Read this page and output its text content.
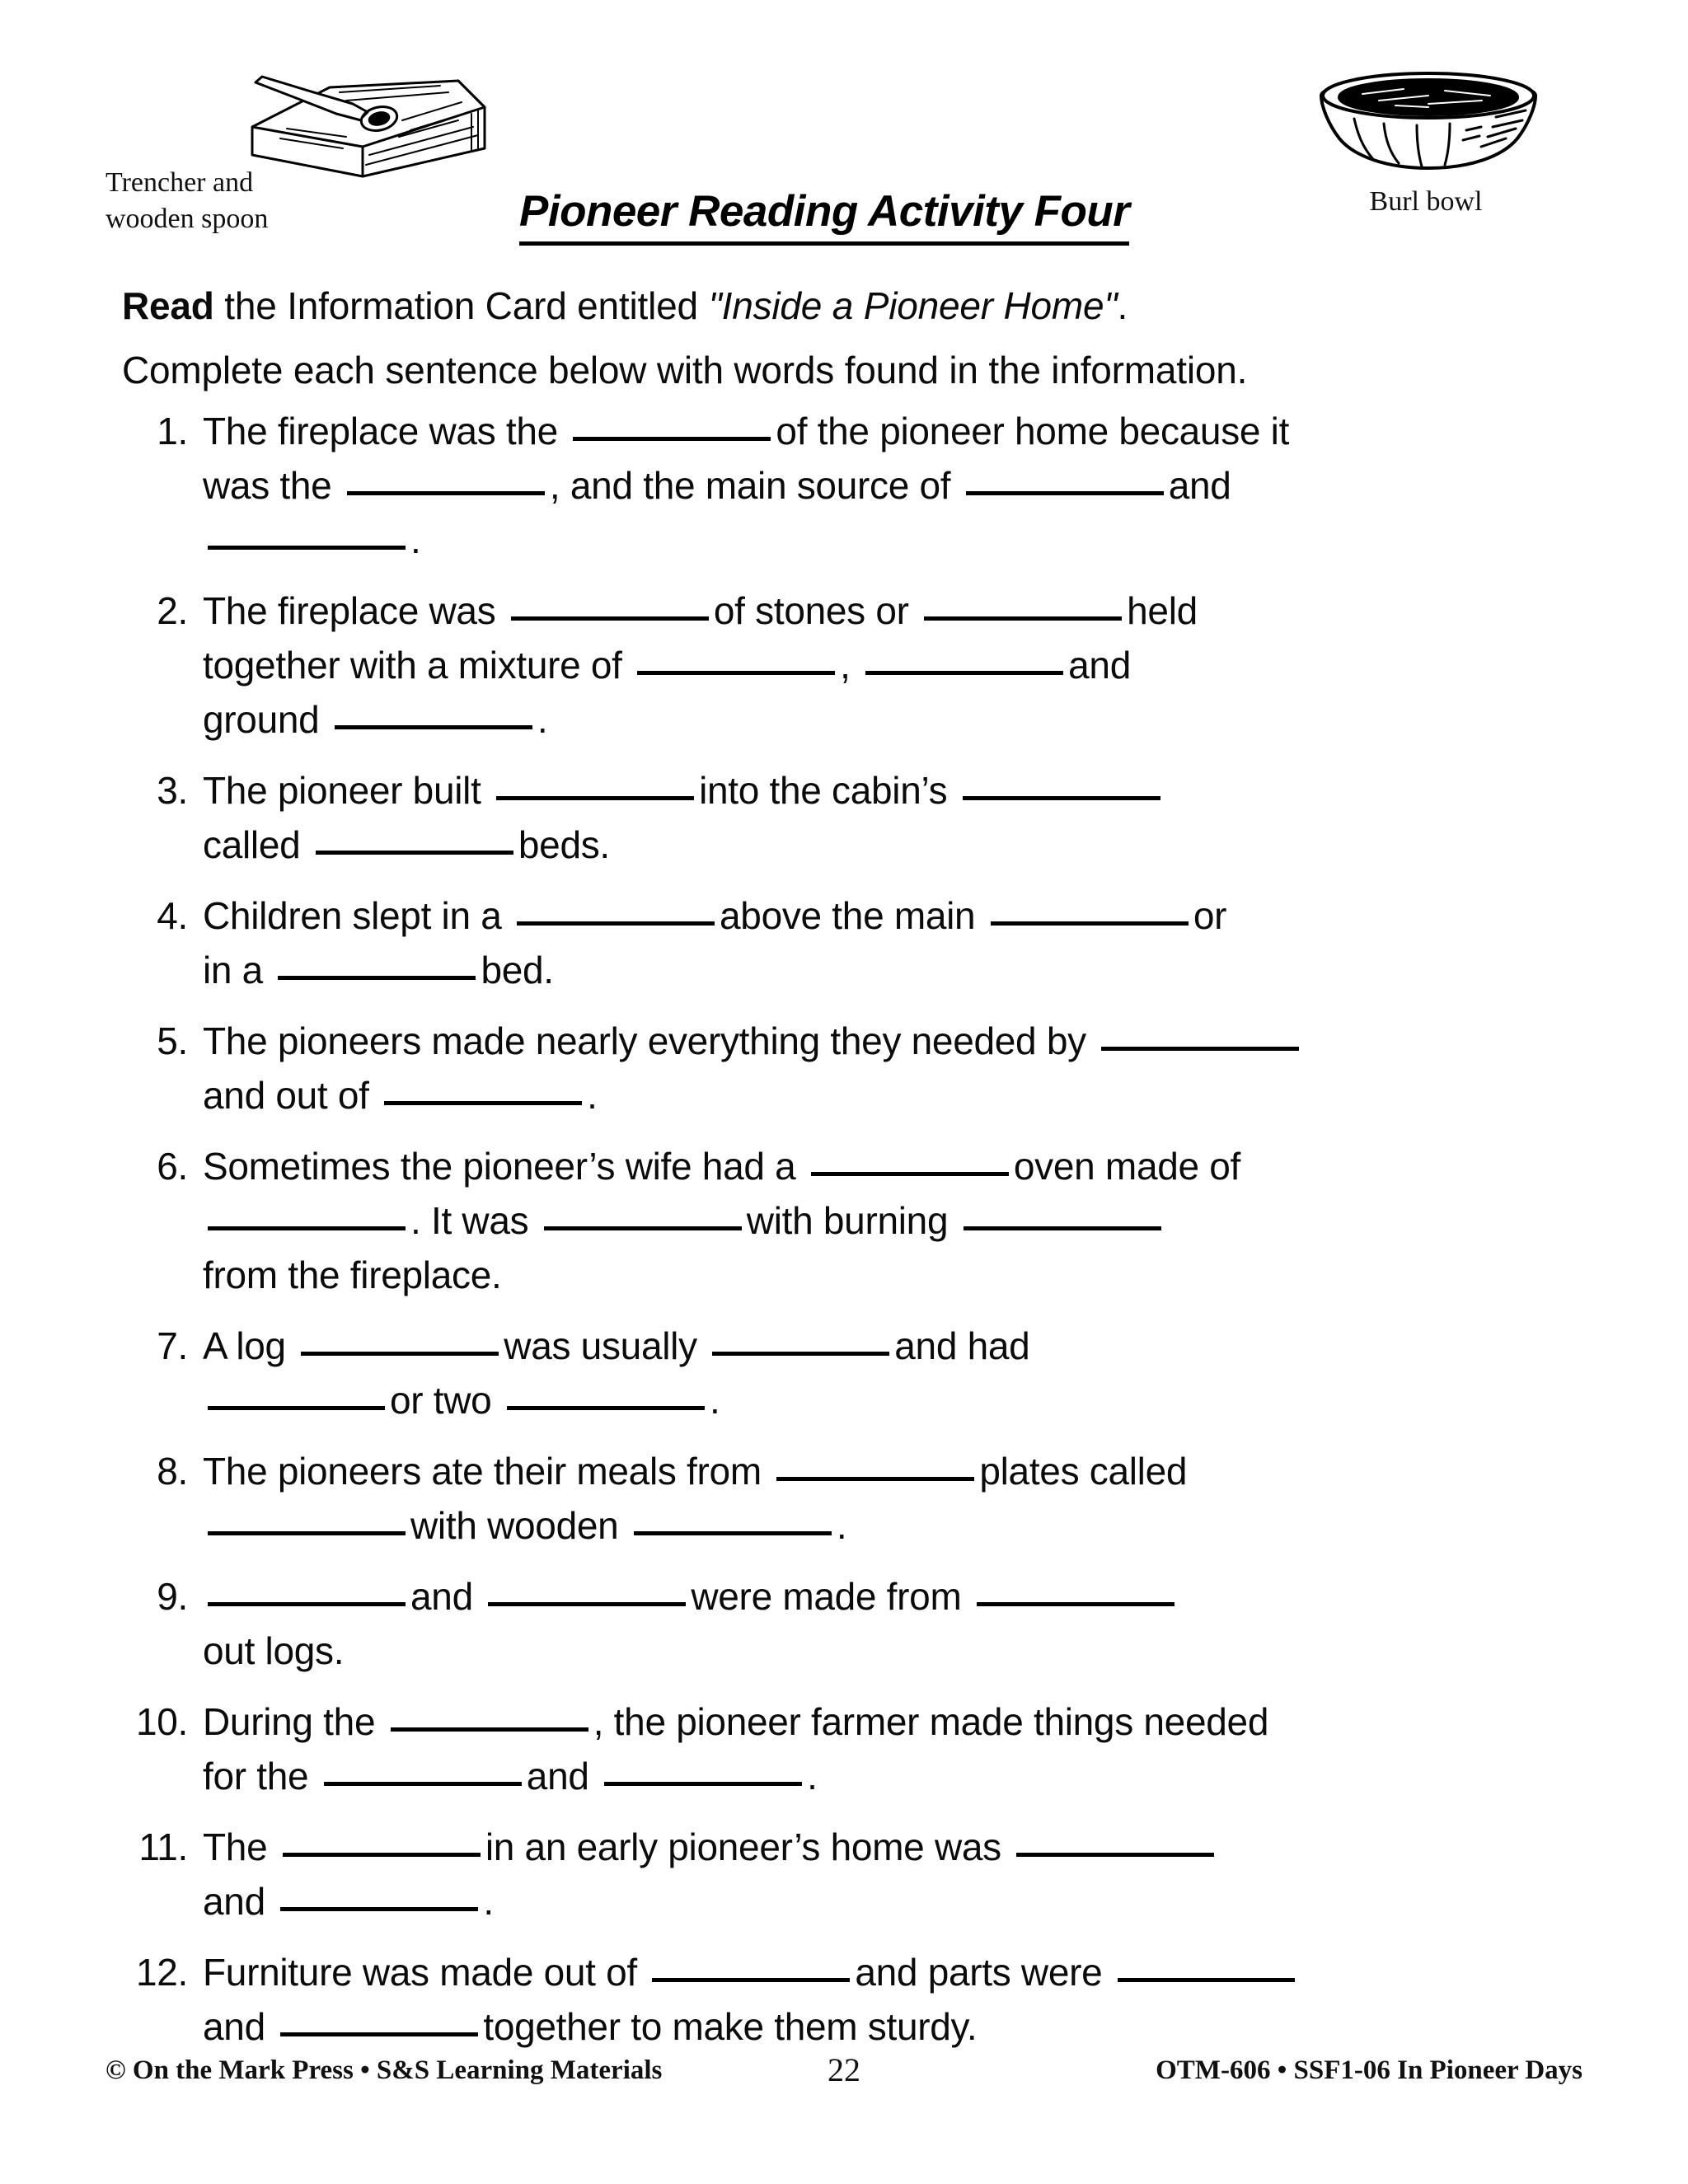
Trencher and
wooden spoon	Pioneer Reading Activity Four	Burl bowl
Read the Information Card entitled "Inside a Pioneer Home".
Complete each sentence below with words found in the information.
1. The fireplace was the	of the pioneer home because it
was the	, and the main source of	and
.
2. The fireplace was	of stones or	held
together with a mixture of	,	and
ground	.
3. The pioneer built	into the cabin’s
called	beds.
4. Children slept in a	above the main	or
in a	bed.
5. The pioneers made nearly everything they needed by
and out of	.
6. Sometimes the pioneer’s wife had a	oven made of
. It was	with burning
from the fireplace.
7. A log	was usually	and had
or two	.
8. The pioneers ate their meals from	plates called
with wooden	.
9.	and	were made from
out logs.
10. During the	, the pioneer farmer made things needed
for the	and	.
11. The	in an early pioneer’s home was
and	.
12. Furniture was made out of	and parts were
and	together to make them sturdy.
© On the Mark Press • S&S Learning Materials	22	OTM-606 • SSF1-06 In Pioneer Days
